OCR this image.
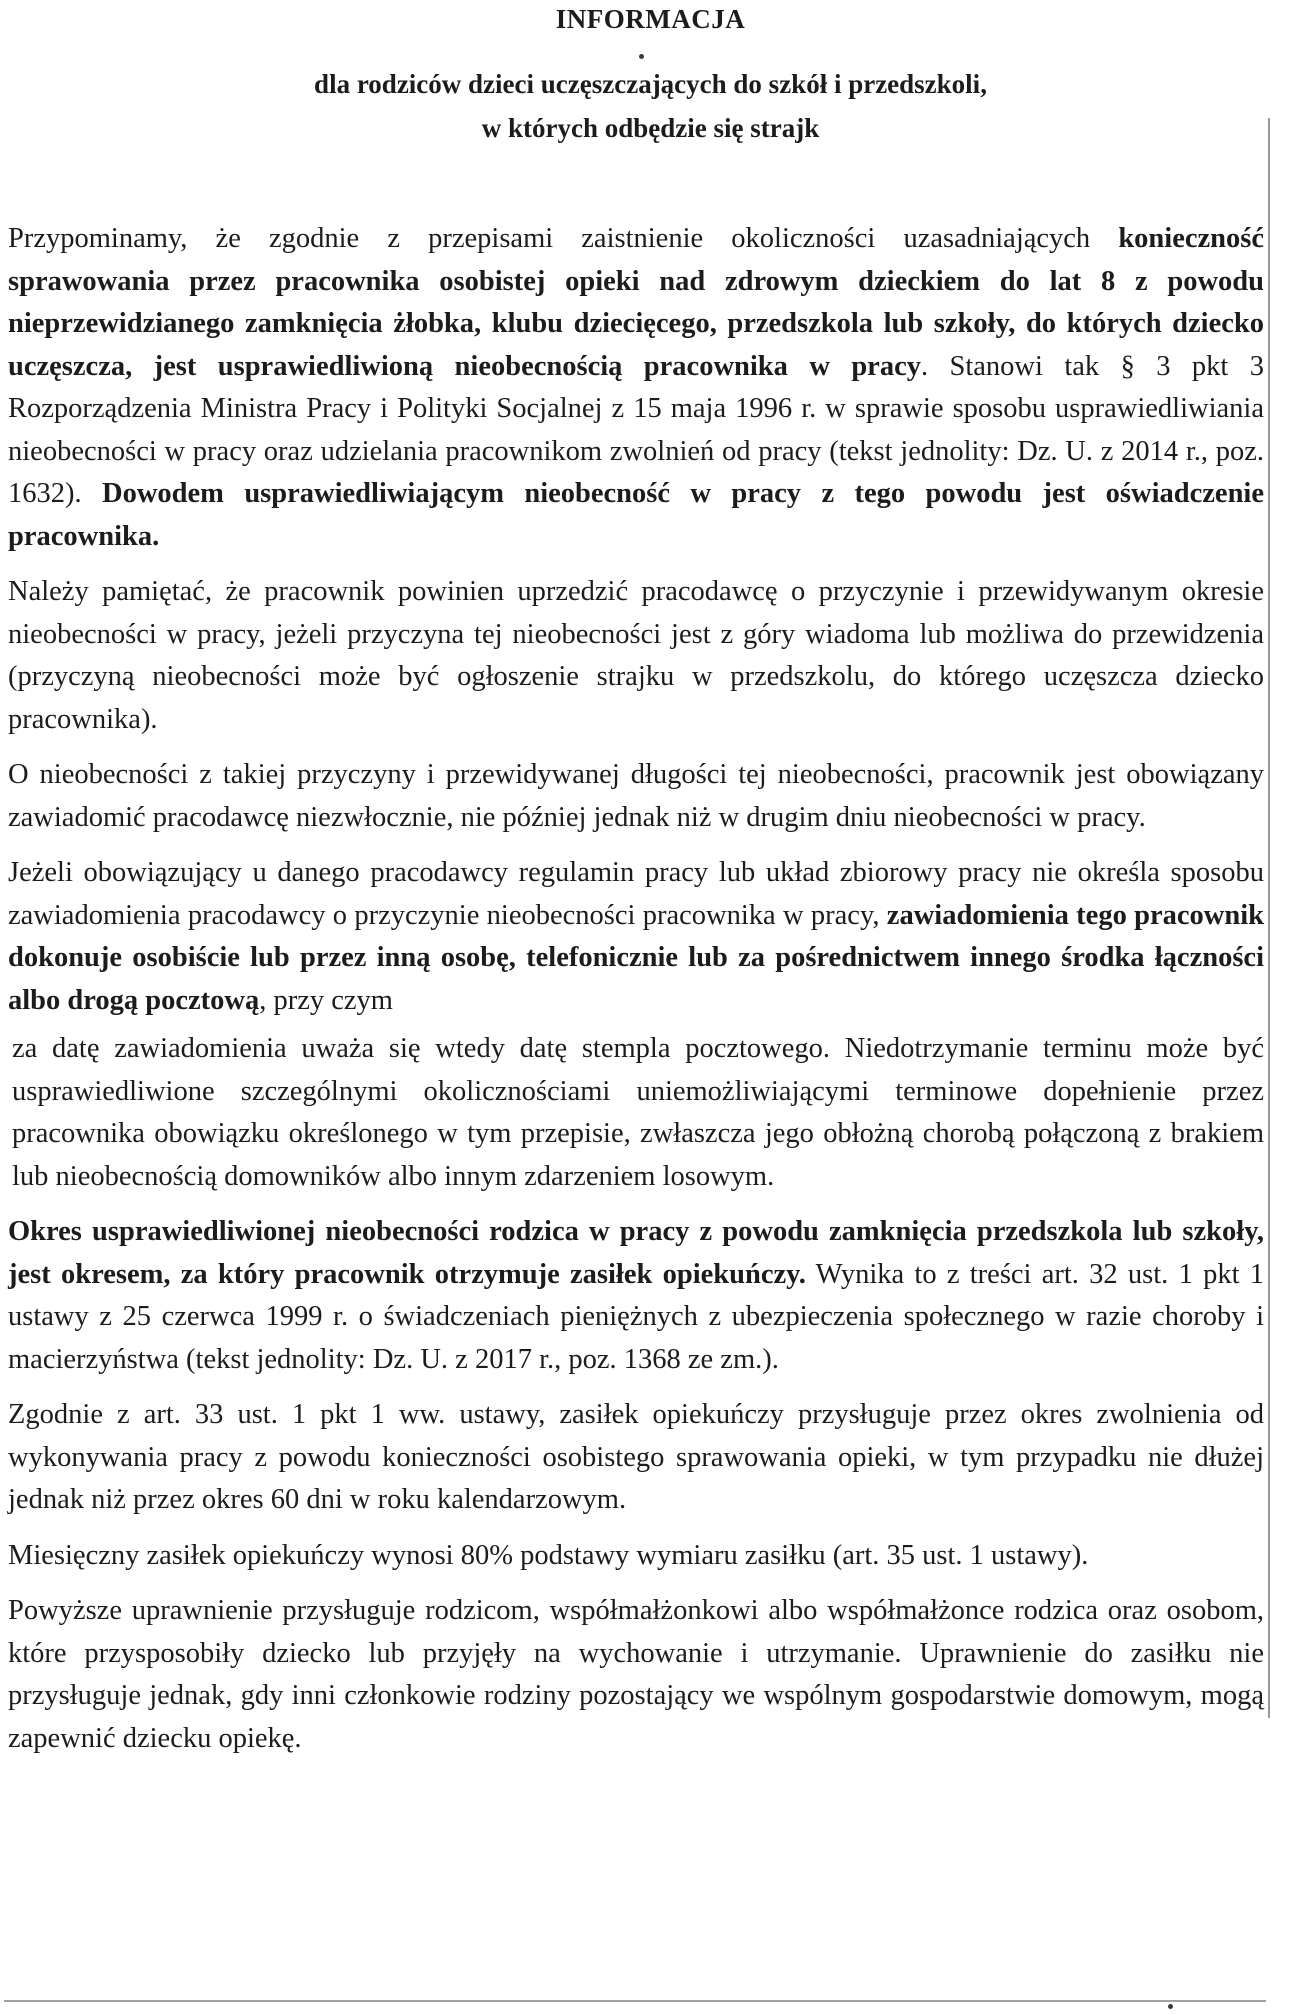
INFORMACJA
dla rodziców dzieci uczęszczających do szkół i przedszkoli,
w których odbędzie się strajk

Przypominamy, że zgodnie z przepisami zaistnienie okoliczności uzasadniających konieczność sprawowania przez pracownika osobistej opieki nad zdrowym dzieckiem do lat 8 z powodu nieprzewidzianego zamknięcia żłobka, klubu dziecięcego, przedszkola lub szkoły, do których dziecko uczęszcza, jest usprawiedliwioną nieobecnością pracownika w pracy. Stanowi tak § 3 pkt 3 Rozporządzenia Ministra Pracy i Polityki Socjalnej z 15 maja 1996 r. w sprawie sposobu usprawiedliwiania nieobecności w pracy oraz udzielania pracownikom zwolnień od pracy (tekst jednolity: Dz. U. z 2014 r., poz. 1632). Dowodem usprawiedliwiającym nieobecność w pracy z tego powodu jest oświadczenie pracownika.

Należy pamiętać, że pracownik powinien uprzedzić pracodawcę o przyczynie i przewidywanym okresie nieobecności w pracy, jeżeli przyczyna tej nieobecności jest z góry wiadoma lub możliwa do przewidzenia (przyczyną nieobecności może być ogłoszenie strajku w przedszkolu, do którego uczęszcza dziecko pracownika).

O nieobecności z takiej przyczyny i przewidywanej długości tej nieobecności, pracownik jest obowiązany zawiadomić pracodawcę niezwłocznie, nie później jednak niż w drugim dniu nieobecności w pracy.

Jeżeli obowiązujący u danego pracodawcy regulamin pracy lub układ zbiorowy pracy nie określa sposobu zawiadomienia pracodawcy o przyczynie nieobecności pracownika w pracy, zawiadomienia tego pracownik dokonuje osobiście lub przez inną osobę, telefonicznie lub za pośrednictwem innego środka łączności albo drogą pocztową, przy czym

za datę zawiadomienia uważa się wtedy datę stempla pocztowego. Niedotrzymanie terminu może być usprawiedliwione szczególnymi okolicznościami uniemożliwiającymi terminowe dopełnienie przez pracownika obowiązku określonego w tym przepisie, zwłaszcza jego obłożną chorobą połączoną z brakiem lub nieobecnością domowników albo innym zdarzeniem losowym.

Okres usprawiedliwionej nieobecności rodzica w pracy z powodu zamknięcia przedszkola lub szkoły, jest okresem, za który pracownik otrzymuje zasiłek opiekuńczy. Wynika to z treści art. 32 ust. 1 pkt 1 ustawy z 25 czerwca 1999 r. o świadczeniach pieniężnych z ubezpieczenia społecznego w razie choroby i macierzyństwa (tekst jednolity: Dz. U. z 2017 r., poz. 1368 ze zm.).

Zgodnie z art. 33 ust. 1 pkt 1 ww. ustawy, zasiłek opiekuńczy przysługuje przez okres zwolnienia od wykonywania pracy z powodu konieczności osobistego sprawowania opieki, w tym przypadku nie dłużej jednak niż przez okres 60 dni w roku kalendarzowym.

Miesięczny zasiłek opiekuńczy wynosi 80% podstawy wymiaru zasiłku (art. 35 ust. 1 ustawy).

Powyższe uprawnienie przysługuje rodzicom, współmałżonkowi albo współmałżonce rodzica oraz osobom, które przysposobiły dziecko lub przyjęły na wychowanie i utrzymanie. Uprawnienie do zasiłku nie przysługuje jednak, gdy inni członkowie rodziny pozostający we wspólnym gospodarstwie domowym, mogą zapewnić dziecku opiekę.
